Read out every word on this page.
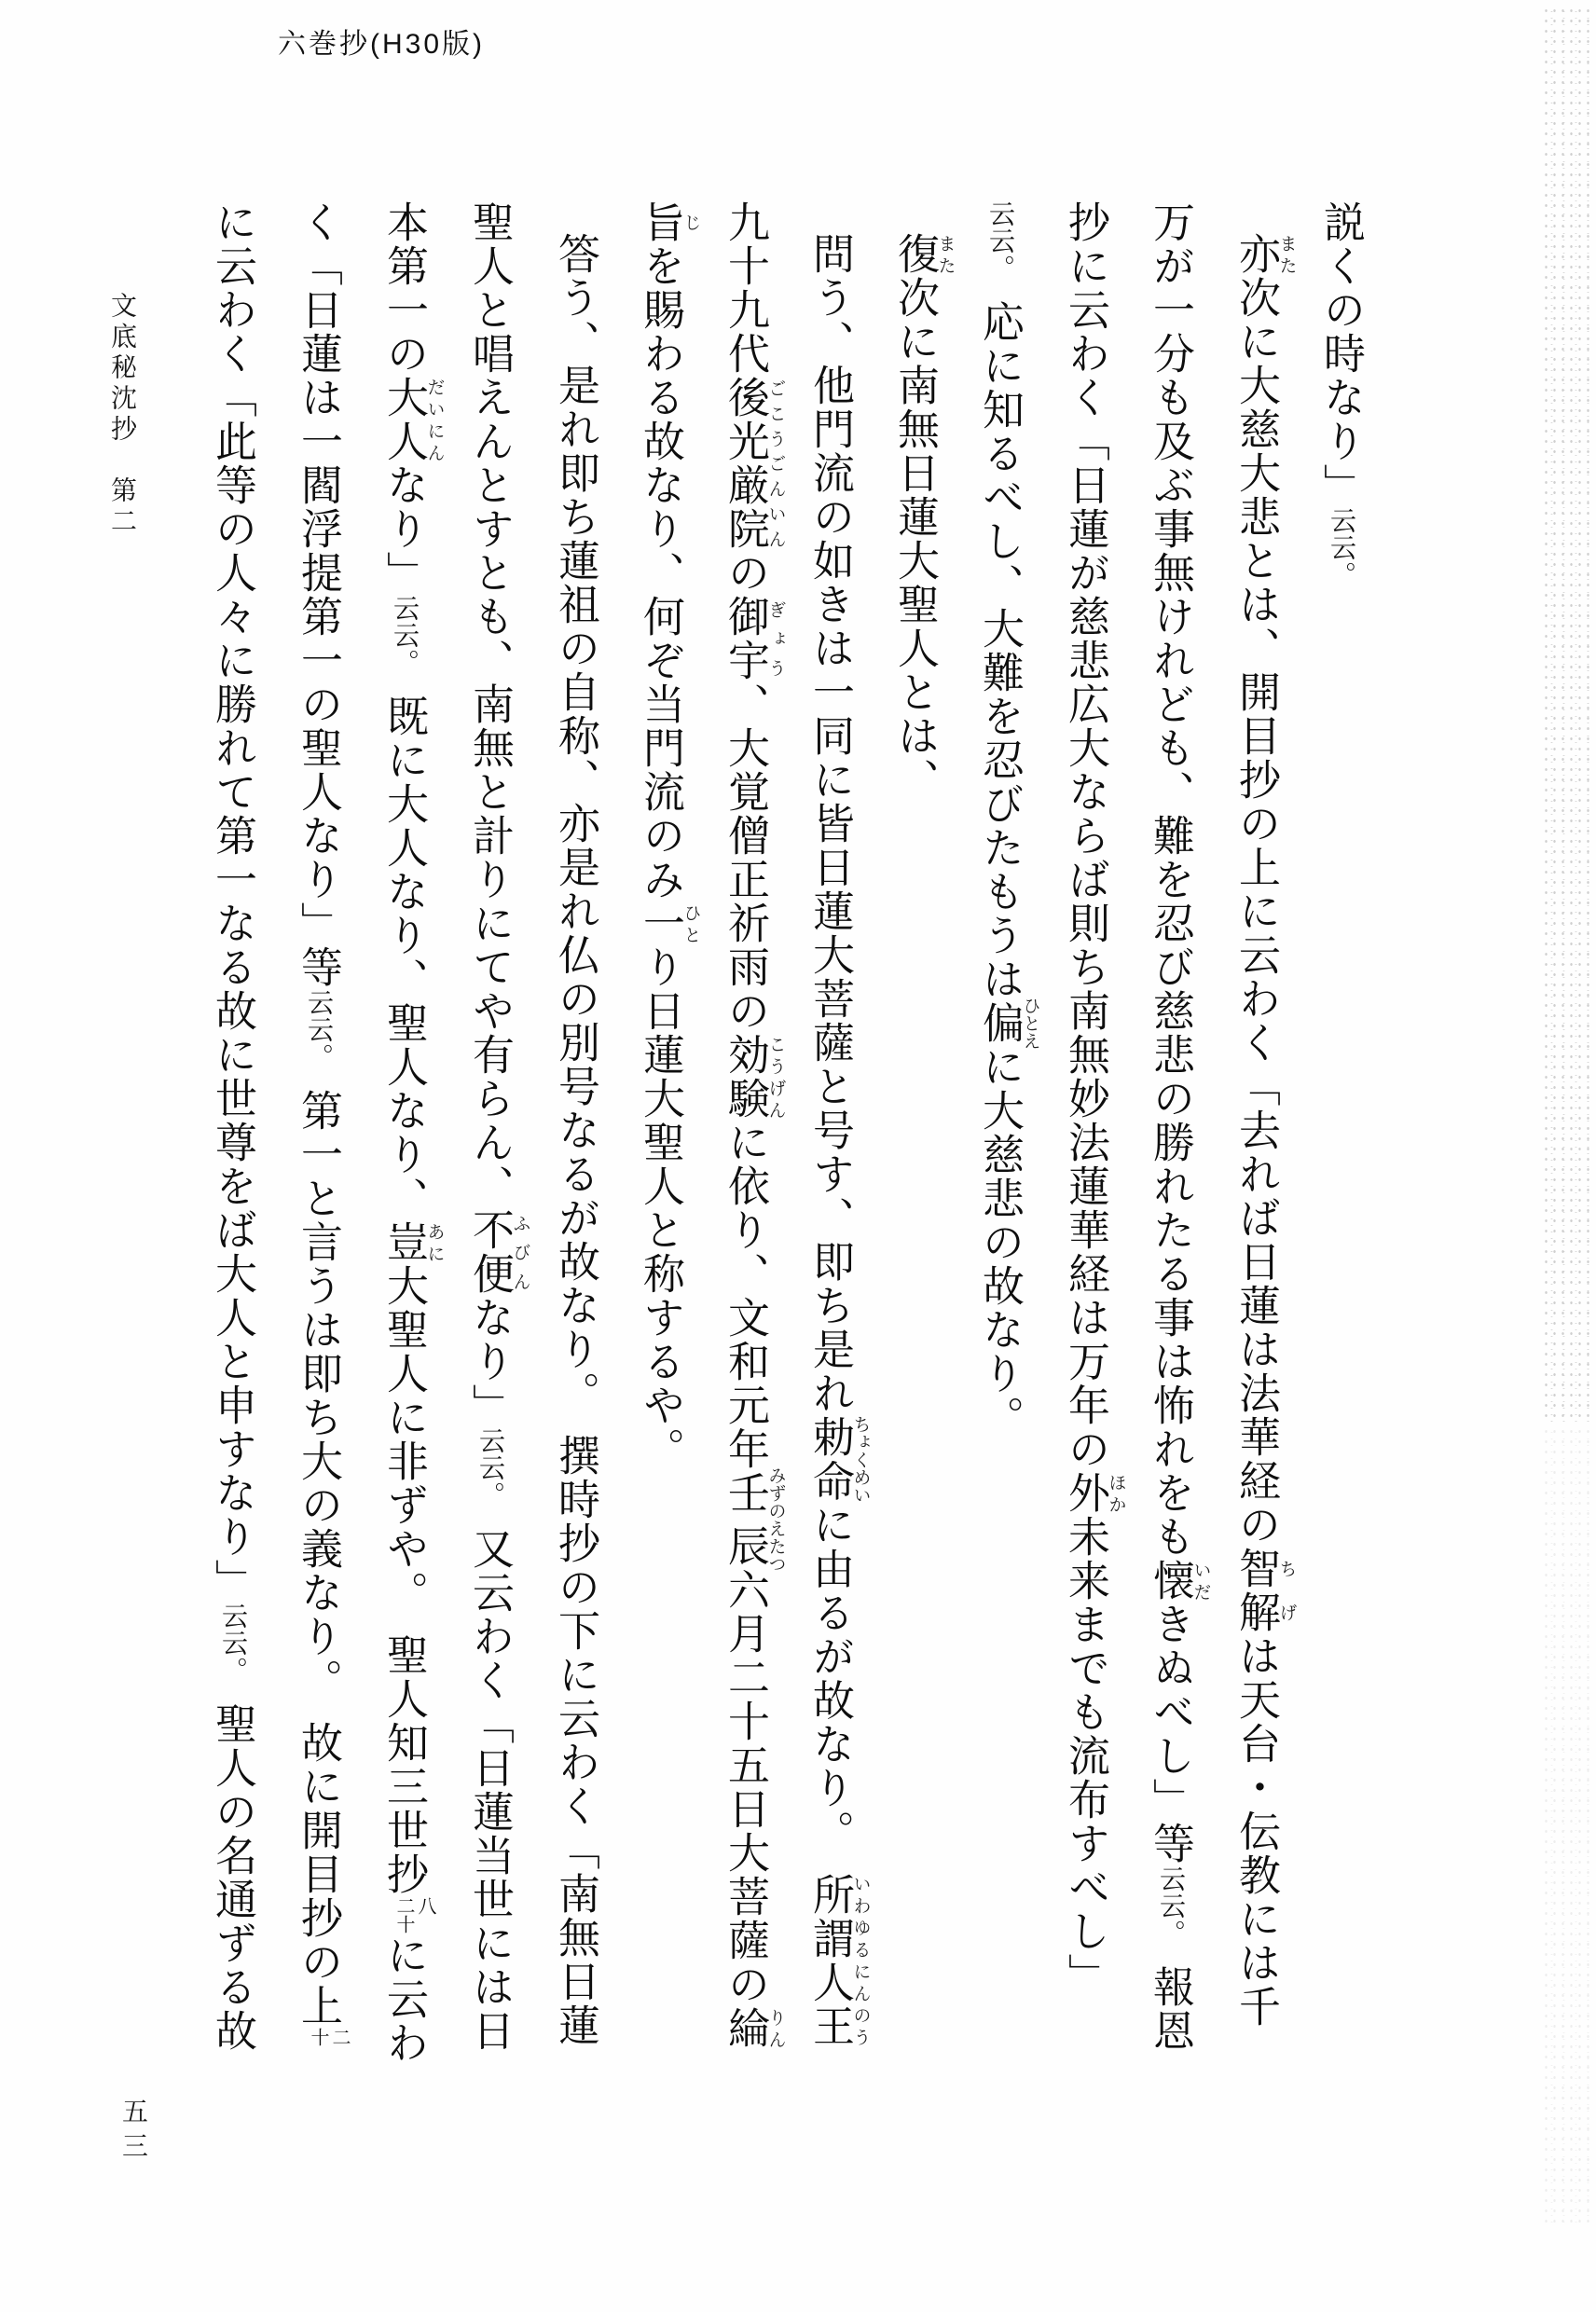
六巻抄(H30版)
文底秘沈抄　第二	説くの時なり」云云。
亦また次に大慈大悲とは、開目抄の上に云わく「去れば日蓮は法華経の智解ちげは天台・伝教には千
万が一分も及ぶ事無けれども、難を忍び慈悲の勝れたる事は怖れをも懐いだきぬべし」等云云。報恩
抄に云わく「日蓮が慈悲広大ならば則ち南無妙法蓮華経は万年の外ほか未来までも流布すべし」
云云。応に知るべし、大難を忍びたもうは偏ひとえに大慈悲の故なり。
復また次に南無日蓮大聖人とは、
問う、他門流の如きは一同に皆日蓮大菩薩と号す、即ち是れ勅命ちょくめいに由るが故なり。所謂人王いわゆるにんのう
九十九代後光厳院ごこうごんいんの御宇ぎょう、大覚僧正祈雨の効験こうげんに依り、文和元年壬辰みずのえたつ六月二十五日大菩薩の綸りん
旨じを賜わる故なり、何ぞ当門流のみ一ひとり日蓮大聖人と称するや。
答う、是れ即ち蓮祖の自称、亦是れ仏の別号なるが故なり。撰時抄の下に云わく「南無日蓮
聖人と唱えんとすとも、南無と計りにてや有らん、不便ふびんなり」云云。又云わく「日蓮当世には日
本第一の大人だいにんなり」云云。既に大人なり、聖人なり、豈あに大聖人に非ずや。聖人知三世抄
八
二十
に云わ
く「日蓮は一閻浮提第一の聖人なり」等云云。第一と言うは即ち大の義なり。故に開目抄の上
二
十
に云わく「此等の人々に勝れて第一なる故に世尊をば大人と申すなり」云云。聖人の名通ずる故
五三
